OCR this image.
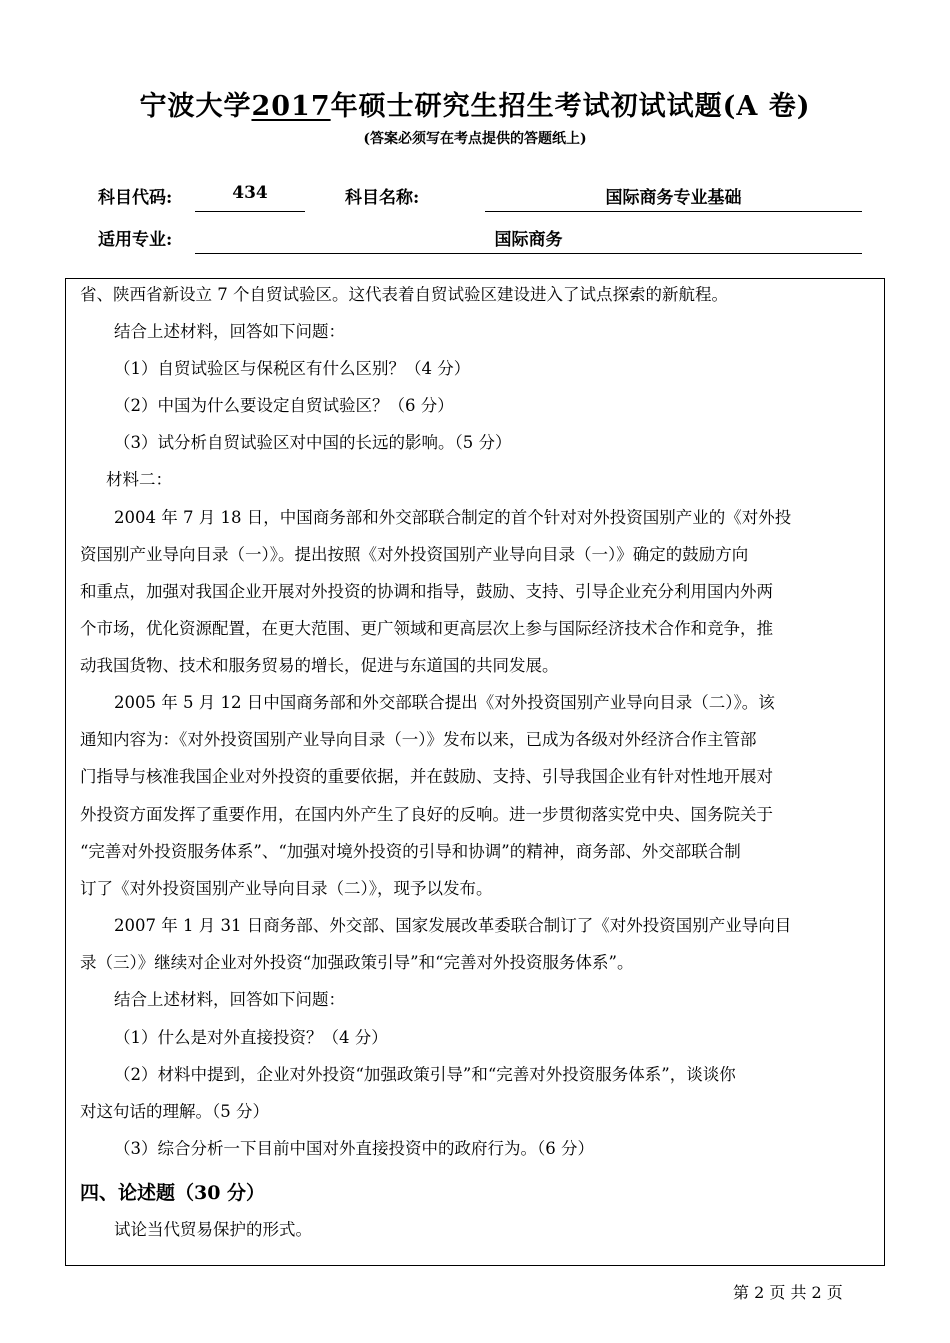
宁波大学2017年硕士研究生招生考试初试试题(A 卷)
(答案必须写在考点提供的答题纸上)
科目代码:	434	科目名称:	国际商务专业基础
适用专业:	国际商务
省、陕西省新设立 7 个自贸试验区。这代表着自贸试验区建设进入了试点探索的新航程。
结合上述材料，回答如下问题：
（1）自贸试验区与保税区有什么区别？（4 分）
（2）中国为什么要设定自贸试验区？（6 分）
（3）试分析自贸试验区对中国的长远的影响。（5 分）
材料二：
2004 年 7 月 18 日，中国商务部和外交部联合制定的首个针对对外投资国别产业的《对外投
资国别产业导向目录（一）》。提出按照《对外投资国别产业导向目录（一）》确定的鼓励方向
和重点，加强对我国企业开展对外投资的协调和指导，鼓励、支持、引导企业充分利用国内外两
个市场，优化资源配置，在更大范围、更广领域和更高层次上参与国际经济技术合作和竞争，推
动我国货物、技术和服务贸易的增长，促进与东道国的共同发展。
2005 年 5 月 12 日中国商务部和外交部联合提出《对外投资国别产业导向目录（二）》。该
通知内容为：《对外投资国别产业导向目录（一）》发布以来，已成为各级对外经济合作主管部
门指导与核准我国企业对外投资的重要依据，并在鼓励、支持、引导我国企业有针对性地开展对
外投资方面发挥了重要作用，在国内外产生了良好的反响。进一步贯彻落实党中央、国务院关于
“完善对外投资服务体系”、“加强对境外投资的引导和协调”的精神，商务部、外交部联合制
订了《对外投资国别产业导向目录（二）》，现予以发布。
2007 年 1 月 31 日商务部、外交部、国家发展改革委联合制订了《对外投资国别产业导向目
录（三）》继续对企业对外投资“加强政策引导”和“完善对外投资服务体系”。
结合上述材料，回答如下问题：
（1）什么是对外直接投资？（4 分）
（2）材料中提到，企业对外投资“加强政策引导”和“完善对外投资服务体系”，谈谈你
对这句话的理解。（5 分）
（3）综合分析一下目前中国对外直接投资中的政府行为。（6 分）
四、论述题（30 分）
试论当代贸易保护的形式。
第 2 页 共 2 页
